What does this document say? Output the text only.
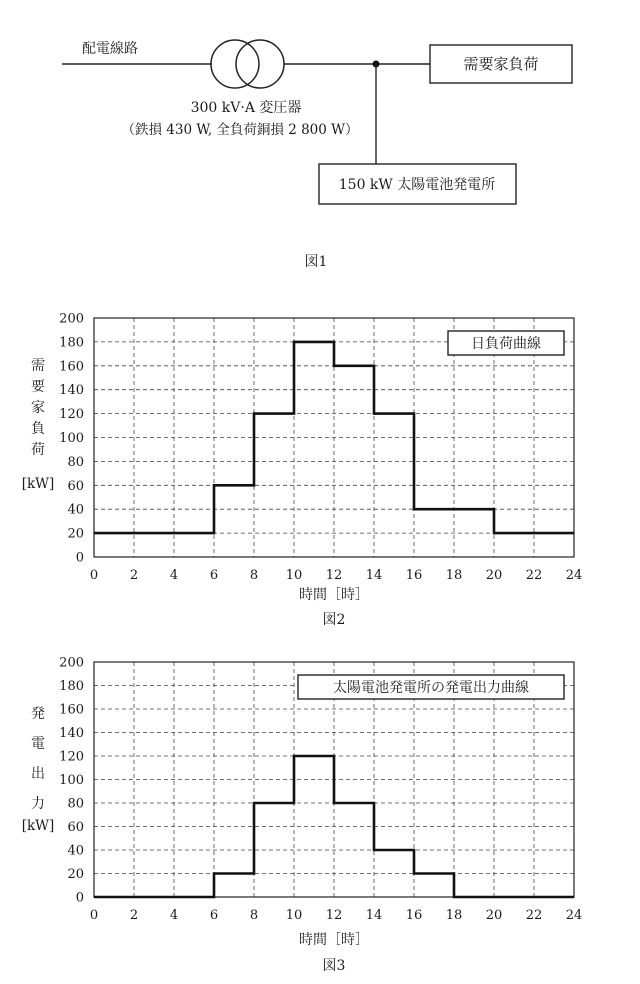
配電線路
需要家負荷
150 kW 太陽電池発電所
300 kV·A 変圧器
（鉄損 430 W, 全負荷銅損 2 800 W）
図1
0
20
40
60
80
100
120
140
160
180
200
0 2 4 6 8 10 12 14 16 18 20 22 24
需
要
家
負
荷
[kW]
日負荷曲線
時間［時］
図2
0
20
40
60
80
100
120
140
160
180
200
0 2 4 6 8 10 12 14 16 18 20 22 24
発
電
出
力
[kW]
太陽電池発電所の発電出力曲線
時間［時］
図3
